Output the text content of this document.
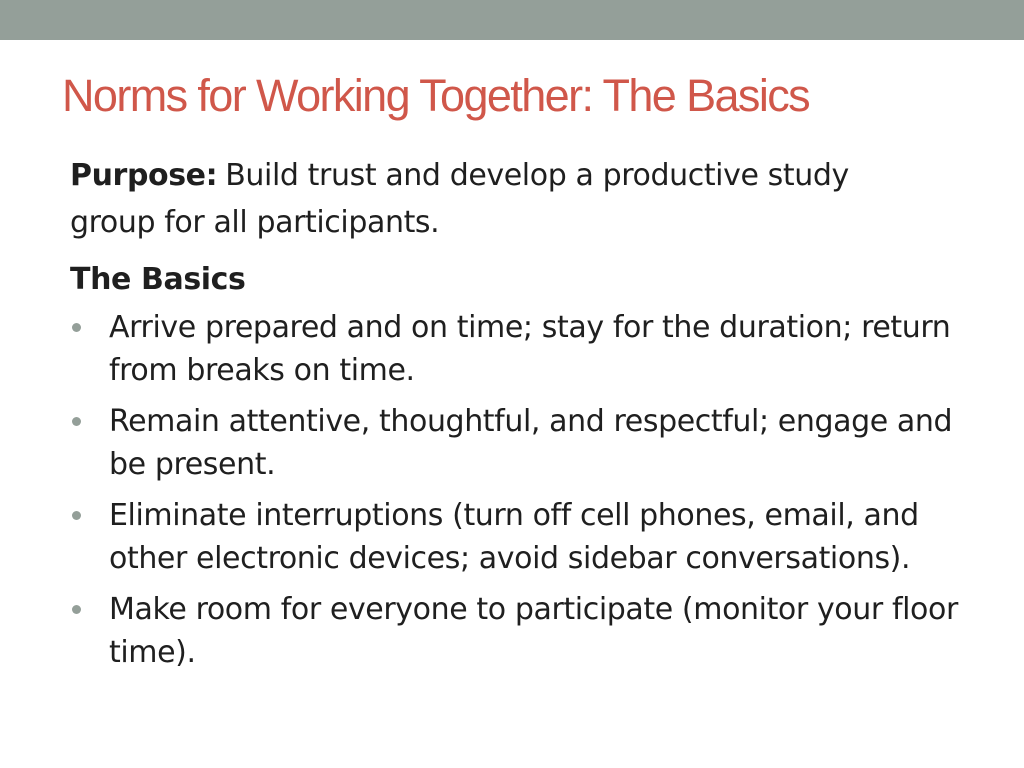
Norms for Working Together: The Basics

Purpose: Build trust and develop a productive study group for all participants.

The Basics
Arrive prepared and on time; stay for the duration; return from breaks on time.
Remain attentive, thoughtful, and respectful; engage and be present.
Eliminate interruptions (turn off cell phones, email, and other electronic devices; avoid sidebar conversations).
Make room for everyone to participate (monitor your floor time).
